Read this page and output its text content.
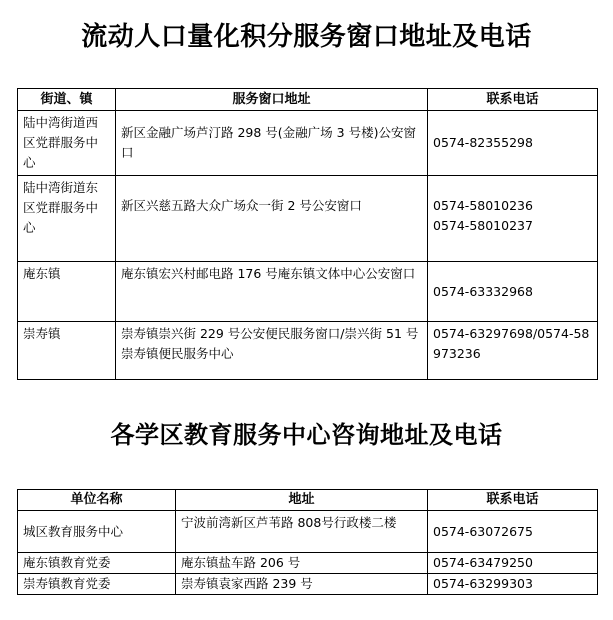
流动人口量化积分服务窗口地址及电话
街道、镇	服务窗口地址	联系电话
陆中湾街道西区党群服务中心	新区金融广场芦汀路 298 号(金融广场 3 号楼)公安窗口	0574-82355298

陆中湾街道东区党群服务中心	新区兴慈五路大众广场众一街 2 号公安窗口	0574-58010236
0574-58010237

庵东镇	庵东镇宏兴村邮电路 176 号庵东镇文体中心公安窗口	0574-63332968

崇寿镇	崇寿镇崇兴街 229 号公安便民服务窗口/崇兴街 51 号崇寿镇便民服务中心	0574-63297698/0574-58973236
各学区教育服务中心咨询地址及电话
单位名称	地址	联系电话
城区教育服务中心	宁波前湾新区芦苇路 808号行政楼二楼	0574-63072675
庵东镇教育党委	庵东镇盐车路 206 号	0574-63479250
崇寿镇教育党委	崇寿镇袁家西路 239 号	0574-63299303
